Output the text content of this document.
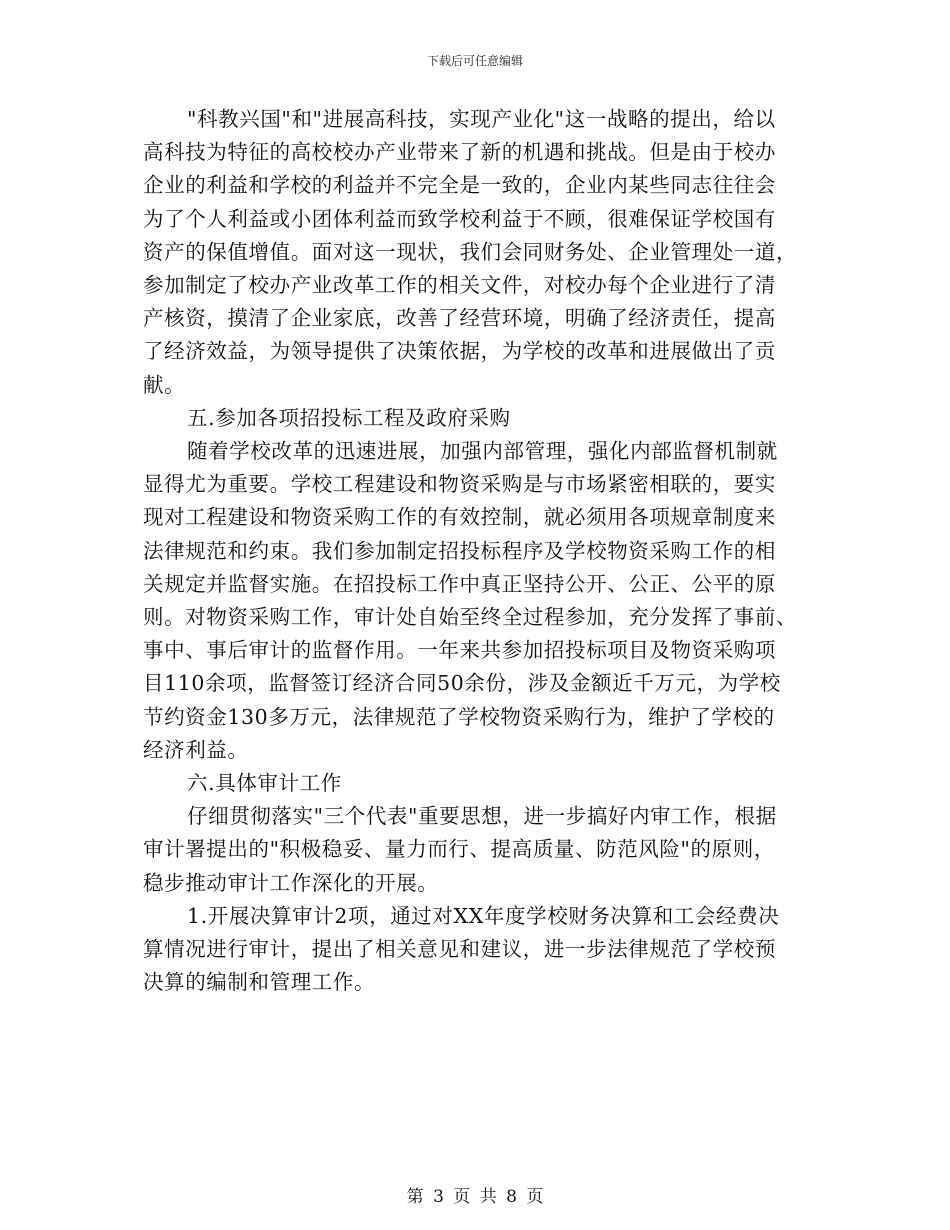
下载后可任意编辑

"科教兴国"和"进展高科技，实现产业化"这一战略的提出，给以

高科技为特征的高校校办产业带来了新的机遇和挑战。但是由于校办

企业的利益和学校的利益并不完全是一致的，企业内某些同志往往会

为了个人利益或小团体利益而致学校利益于不顾，很难保证学校国有

资产的保值增值。面对这一现状，我们会同财务处、企业管理处一道，

参加制定了校办产业改革工作的相关文件，对校办每个企业进行了清

产核资，摸清了企业家底，改善了经营环境，明确了经济责任，提高

了经济效益，为领导提供了决策依据，为学校的改革和进展做出了贡

献。

五.参加各项招投标工程及政府采购

随着学校改革的迅速进展，加强内部管理，强化内部监督机制就

显得尤为重要。学校工程建设和物资采购是与市场紧密相联的，要实

现对工程建设和物资采购工作的有效控制，就必须用各项规章制度来

法律规范和约束。我们参加制定招投标程序及学校物资采购工作的相

关规定并监督实施。在招投标工作中真正坚持公开、公正、公平的原

则。对物资采购工作，审计处自始至终全过程参加，充分发挥了事前、

事中、事后审计的监督作用。一年来共参加招投标项目及物资采购项

目110余项，监督签订经济合同50余份，涉及金额近千万元，为学校

节约资金130多万元，法律规范了学校物资采购行为，维护了学校的

经济利益。

六.具体审计工作

仔细贯彻落实"三个代表"重要思想，进一步搞好内审工作，根据

审计署提出的"积极稳妥、量力而行、提高质量、防范风险"的原则，

稳步推动审计工作深化的开展。

1.开展决算审计2项，通过对XX年度学校财务决算和工会经费决

算情况进行审计，提出了相关意见和建议，进一步法律规范了学校预

决算的编制和管理工作。

第 3 页 共 8 页
